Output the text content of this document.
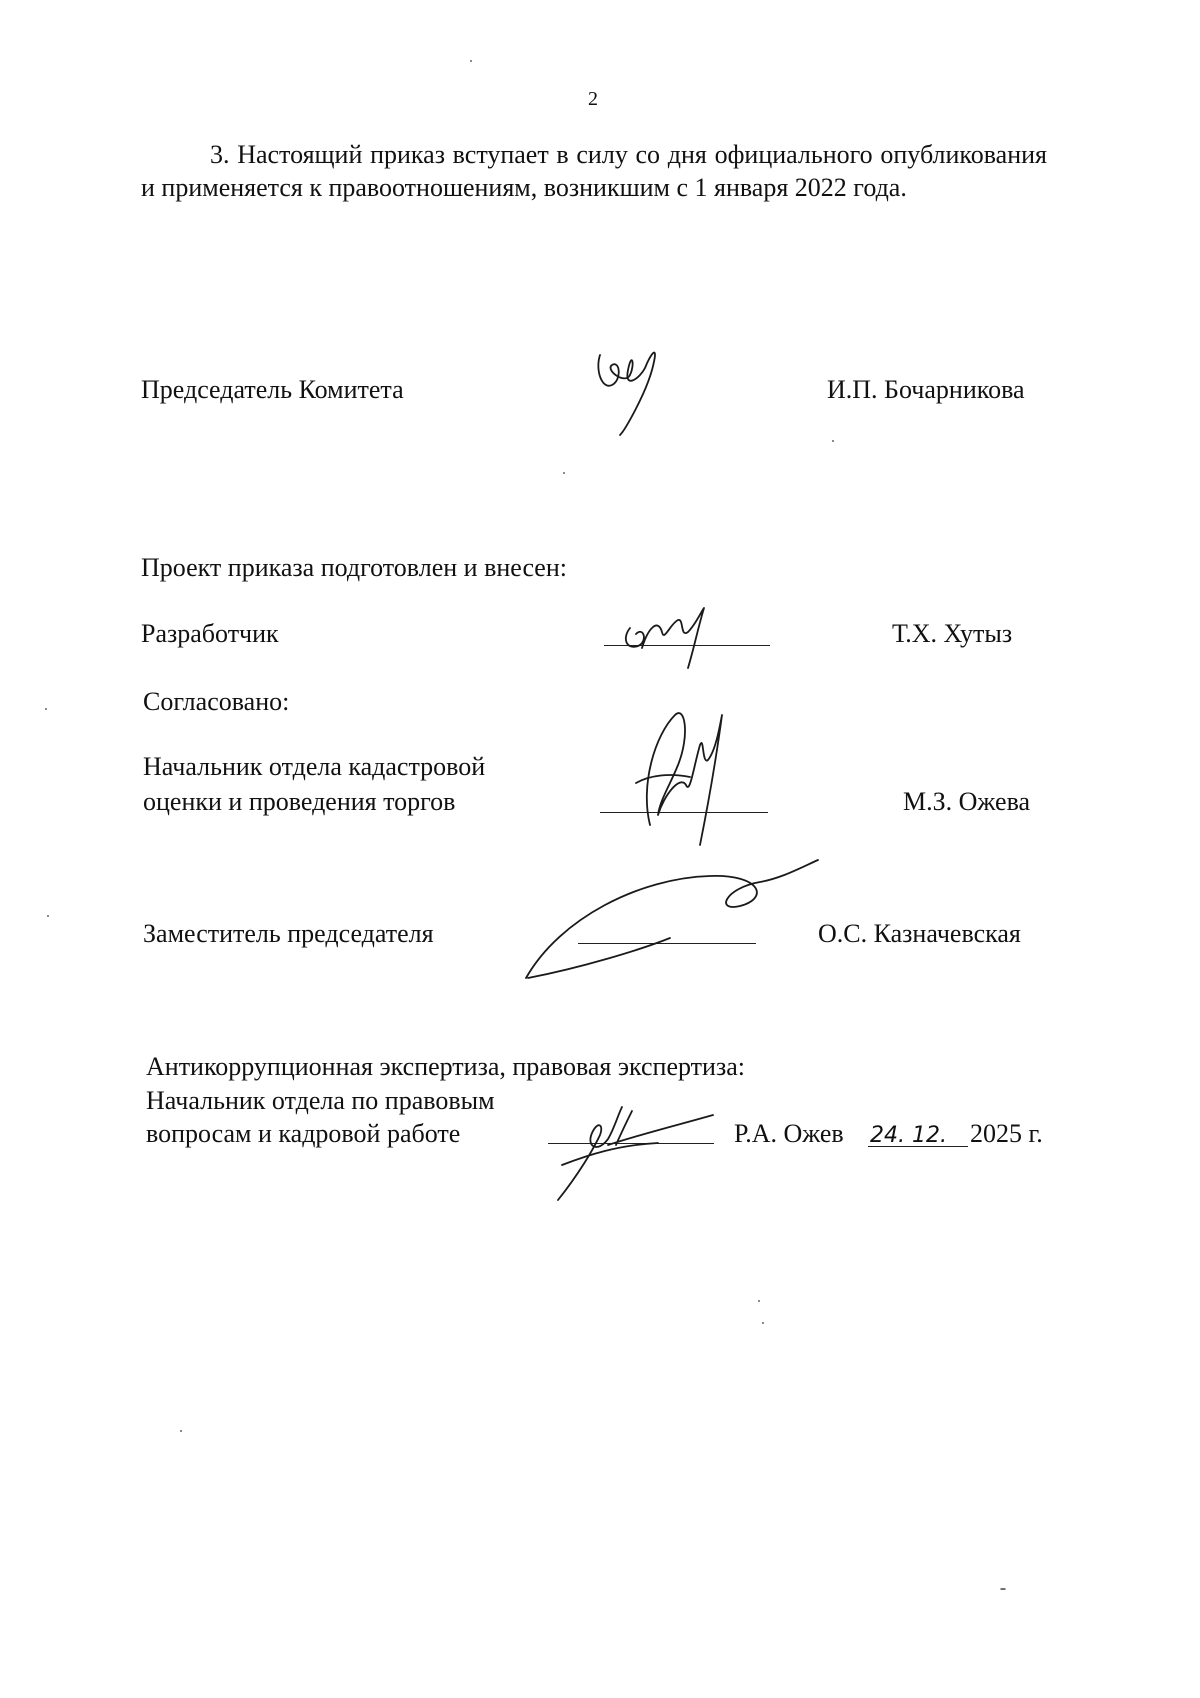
2
3. Настоящий приказ вступает в силу со дня официального опубликования и применяется к правоотношениям, возникшим с 1 января 2022 года.
Председатель Комитета	И.П. Бочарникова
Проект приказа подготовлен и внесен:
Разработчик	Т.Х. Хутыз
Согласовано:
Начальник отдела кадастровой
оценки и проведения торгов	М.З. Ожева
Заместитель председателя	О.С. Казначевская
Антикоррупционная экспертиза, правовая экспертиза:
Начальник отдела по правовым
вопросам и кадровой работе	Р.А. Ожев 24. 12. 2025 г.
